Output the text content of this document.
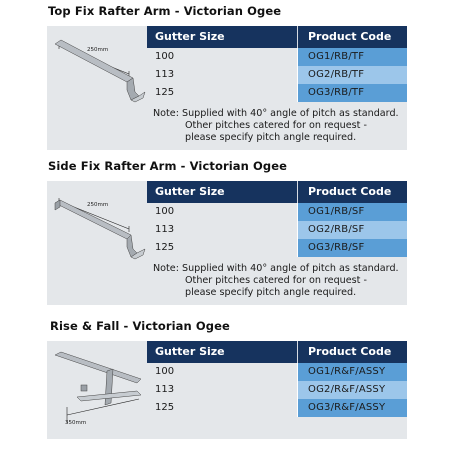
Top Fix Rafter Arm - Victorian Ogee
250mm
Gutter Size	Product Code
100	OG1/RB/TF
113	OG2/RB/TF
125	OG3/RB/TF
Note: Supplied with 40° angle of pitch as standard.
Other pitches catered for on request -
please specify pitch angle required.
Side Fix Rafter Arm - Victorian Ogee
250mm
Gutter Size	Product Code
100	OG1/RB/SF
113	OG2/RB/SF
125	OG3/RB/SF
Note: Supplied with 40° angle of pitch as standard.
Other pitches catered for on request -
please specify pitch angle required.
Rise & Fall - Victorian Ogee
350mm
Gutter Size	Product Code
100	OG1/R&F/ASSY
113	OG2/R&F/ASSY
125	OG3/R&F/ASSY
